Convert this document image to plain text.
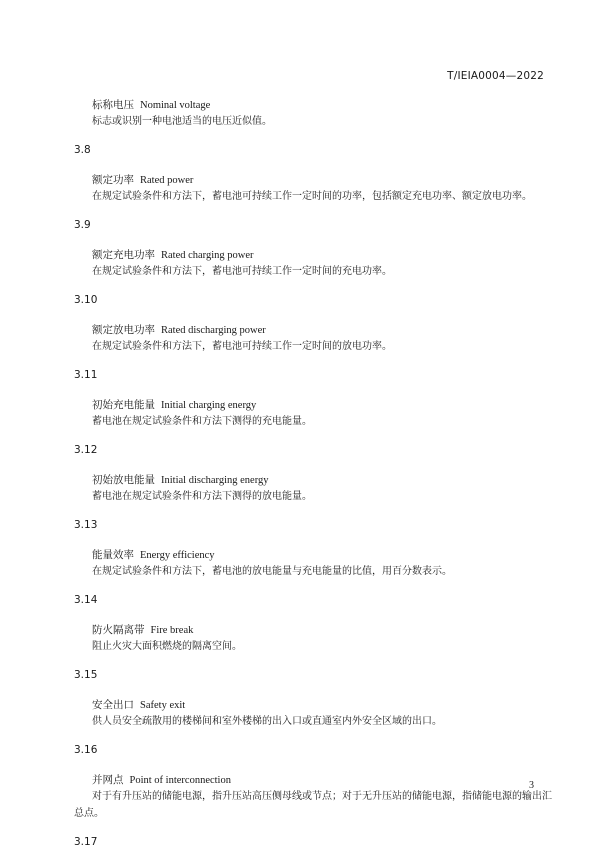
T/IEIA0004—2022
标称电压 Nominal voltage
标志或识别一种电池适当的电压近似值。
3.8
额定功率 Rated power
在规定试验条件和方法下，蓄电池可持续工作一定时间的功率，包括额定充电功率、额定放电功率。
3.9
额定充电功率 Rated charging power
在规定试验条件和方法下，蓄电池可持续工作一定时间的充电功率。
3.10
额定放电功率 Rated discharging power
在规定试验条件和方法下，蓄电池可持续工作一定时间的放电功率。
3.11
初始充电能量 Initial charging energy
蓄电池在规定试验条件和方法下测得的充电能量。
3.12
初始放电能量 Initial discharging energy
蓄电池在规定试验条件和方法下测得的放电能量。
3.13
能量效率 Energy efficiency
在规定试验条件和方法下，蓄电池的放电能量与充电能量的比值，用百分数表示。
3.14
防火隔离带 Fire break
阻止火灾大面积燃烧的隔离空间。
3.15
安全出口 Safety exit
供人员安全疏散用的楼梯间和室外楼梯的出入口或直通室内外安全区域的出口。
3.16
并网点 Point of interconnection
对于有升压站的储能电源，指升压站高压侧母线或节点；对于无升压站的储能电源，指储能电源的输出汇总点。
3.17
3
